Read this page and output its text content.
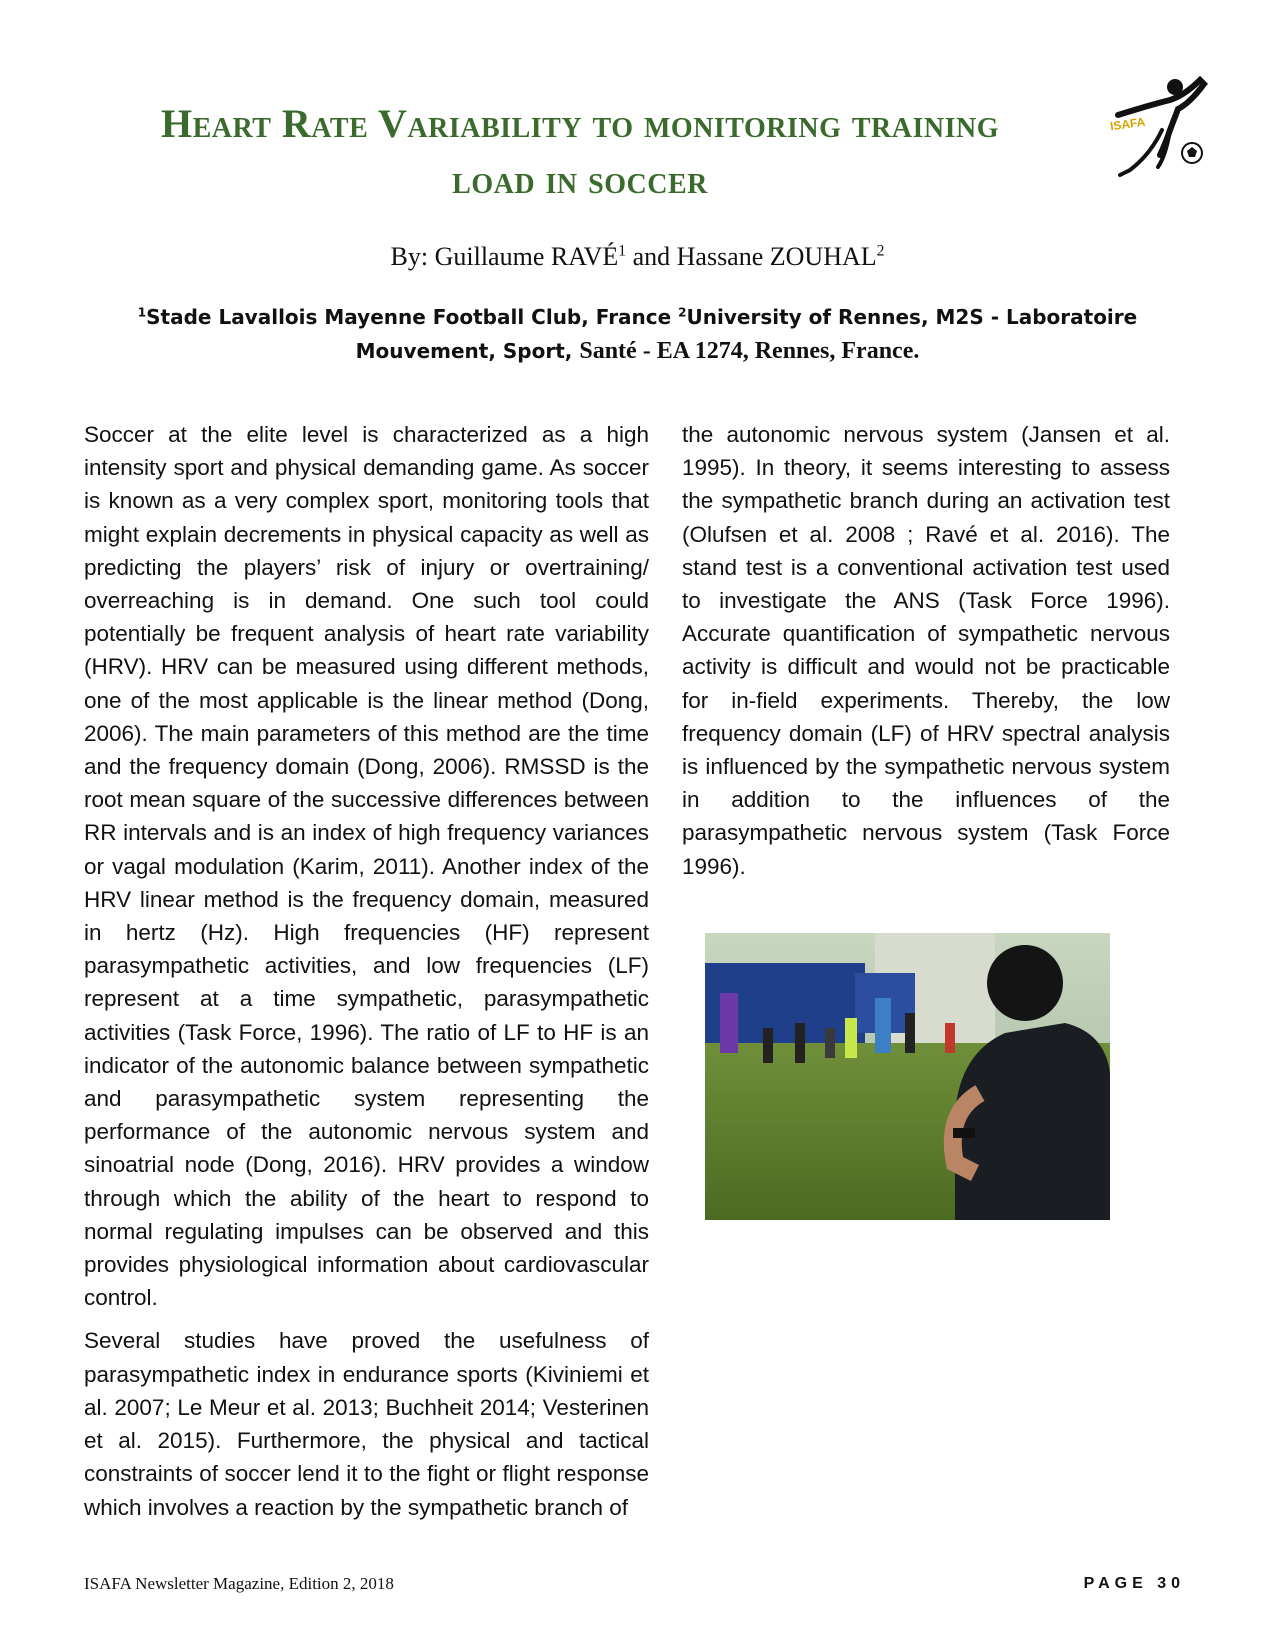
Heart Rate Variability to monitoring training
load in soccer
ISAFA
By: Guillaume RAVÉ$^1$ and Hassane ZOUHAL$^2$
$^1$Stade Lavallois Mayenne Football Club, France $^2$University of Rennes, M2S - Laboratoire Mouvement, Sport, Santé - EA 1274, Rennes, France.

Soccer at the elite level is characterized as a high intensity sport and physical demanding game. As soccer is known as a very complex sport, monitoring tools that might explain decrements in physical capacity as well as predicting the players’ risk of injury or overtraining/ overreaching is in demand. One such tool could potentially be frequent analysis of heart rate variability (HRV). HRV can be measured using different methods, one of the most applicable is the linear method (Dong, 2006). The main parameters of this method are the time and the frequency domain (Dong, 2006). RMSSD is the root mean square of the successive differences between RR intervals and is an index of high frequency variances or vagal modulation (Karim, 2011). Another index of the HRV linear method is the frequency domain, measured in hertz (Hz). High frequencies (HF) represent parasympathetic activities, and low frequencies (LF) represent at a time sympathetic, parasympathetic activities (Task Force, 1996). The ratio of LF to HF is an indicator of the autonomic balance between sympathetic and parasympathetic system representing the performance of the autonomic nervous system and sinoatrial node (Dong, 2016). HRV provides a window through which the ability of the heart to respond to normal regulating impulses can be observed and this provides physiological information about cardiovascular control.

Several studies have proved the usefulness of parasympathetic index in endurance sports (Kiviniemi et al. 2007; Le Meur et al. 2013; Buchheit 2014; Vesterinen et al. 2015). Furthermore, the physical and tactical constraints of soccer lend it to the fight or flight response which involves a reaction by the sympathetic branch of

the autonomic nervous system (Jansen et al. 1995). In theory, it seems interesting to assess the sympathetic branch during an activation test (Olufsen et al. 2008 ; Ravé et al. 2016). The stand test is a conventional activation test used to investigate the ANS (Task Force 1996). Accurate quantification of sympathetic nervous activity is difficult and would not be practicable for in-field experiments. Thereby, the low frequency domain (LF) of HRV spectral analysis is influenced by the sympathetic nervous system in addition to the influences of the parasympathetic nervous system (Task Force 1996).

ISAFA Newsletter Magazine, Edition 2, 2018	PAGE 30
